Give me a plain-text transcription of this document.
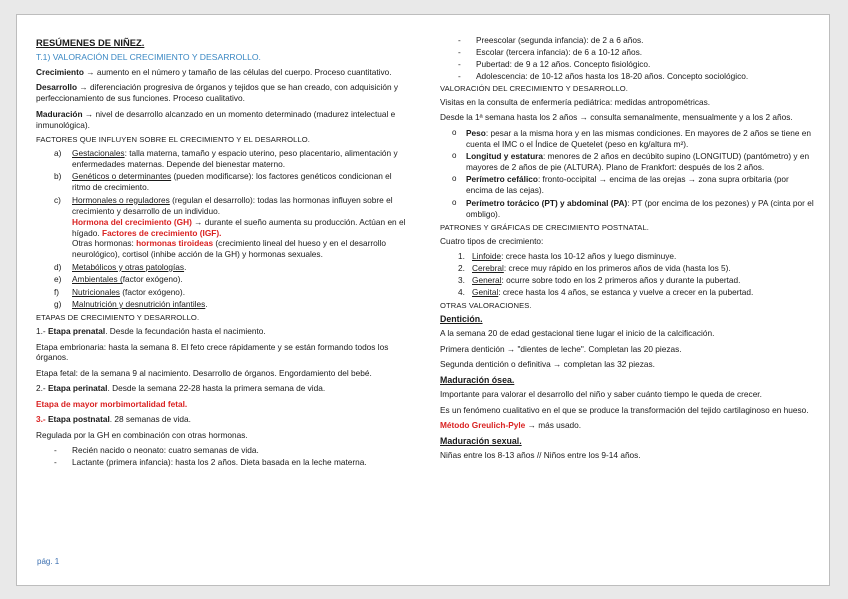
RESÚMENES DE NIÑEZ.

T.1) VALORACIÓN DEL CRECIMIENTO Y DESARROLLO.

Crecimiento → aumento en el número y tamaño de las células del cuerpo. Proceso cuantitativo.

Desarrollo → diferenciación progresiva de órganos y tejidos que se han creado, con adquisición y perfeccionamiento de sus funciones. Proceso cualitativo.

Maduración → nivel de desarrollo alcanzado en un momento determinado (madurez intelectual e inmunológica).

FACTORES QUE INFLUYEN SOBRE EL CRECIMIENTO Y EL DESARROLLO.

a) Gestacionales: talla materna, tamaño y espacio uterino, peso placentario, alimentación y enfermedades maternas. Depende del bienestar materno.
b) Genéticos o determinantes (pueden modificarse): los factores genéticos condicionan el ritmo de crecimiento.
c) Hormonales o reguladores (regulan el desarrollo): todas las hormonas influyen sobre el crecimiento y desarrollo de un individuo.
Hormona del crecimiento (GH) → durante el sueño aumenta su producción. Actúan en el hígado. Factores de crecimiento (IGF).
Otras hormonas: hormonas tiroideas (crecimiento lineal del hueso y en el desarrollo neurológico), cortisol (inhibe acción de la GH) y hormonas sexuales.
d) Metabólicos y otras patologías.
e) Ambientales (factor exógeno).
f) Nutricionales (factor exógeno).
g) Malnutrición y desnutrición infantiles.

ETAPAS DE CRECIMIENTO Y DESARROLLO.

1.- Etapa prenatal. Desde la fecundación hasta el nacimiento.

Etapa embrionaria: hasta la semana 8. El feto crece rápidamente y se están formando todos los órganos.

Etapa fetal: de la semana 9 al nacimiento. Desarrollo de órganos. Engordamiento del bebé.

2.- Etapa perinatal. Desde la semana 22-28 hasta la primera semana de vida.

Etapa de mayor morbimortalidad fetal.

3.- Etapa postnatal. 28 semanas de vida.

Regulada por la GH en combinación con otras hormonas.

- Recién nacido o neonato: cuatro semanas de vida.
- Lactante (primera infancia): hasta los 2 años. Dieta basada en la leche materna.
- Preescolar (segunda infancia): de 2 a 6 años.
- Escolar (tercera infancia): de 6 a 10-12 años.
- Pubertad: de 9 a 12 años. Concepto fisiológico.
- Adolescencia: de 10-12 años hasta los 18-20 años. Concepto sociológico.

VALORACIÓN DEL CRECIMIENTO Y DESARROLLO.

Visitas en la consulta de enfermería pediátrica: medidas antropométricas.

Desde la 1ª semana hasta los 2 años → consulta semanalmente, mensualmente y a los 2 años.

o Peso: pesar a la misma hora y en las mismas condiciones. En mayores de 2 años se tiene en cuenta el IMC o el Índice de Quetelet (peso en kg/altura m²).
o Longitud y estatura: menores de 2 años en decúbito supino (LONGITUD) (pantómetro) y en mayores de 2 años de pie (ALTURA). Plano de Frankfort: después de los 2 años.
o Perímetro cefálico: fronto-occipital → encima de las orejas → zona supra orbitaria (por encima de las cejas).
o Perímetro torácico (PT) y abdominal (PA): PT (por encima de los pezones) y PA (cinta por el ombligo).

PATRONES Y GRÁFICAS DE CRECIMIENTO POSTNATAL.

Cuatro tipos de crecimiento:

1. Linfoide: crece hasta los 10-12 años y luego disminuye.
2. Cerebral: crece muy rápido en los primeros años de vida (hasta los 5).
3. General: ocurre sobre todo en los 2 primeros años y durante la pubertad.
4. Genital: crece hasta los 4 años, se estanca y vuelve a crecer en la pubertad.

OTRAS VALORACIONES.

Dentición.

A la semana 20 de edad gestacional tiene lugar el inicio de la calcificación.

Primera dentición → "dientes de leche". Completan las 20 piezas.

Segunda dentición o definitiva → completan las 32 piezas.

Maduración ósea.

Importante para valorar el desarrollo del niño y saber cuánto tiempo le queda de crecer.

Es un fenómeno cualitativo en el que se produce la transformación del tejido cartilaginoso en hueso.

Método Greulich-Pyle → más usado.

Maduración sexual.

Niñas entre los 8-13 años // Niños entre los 9-14 años.

pág. 1
